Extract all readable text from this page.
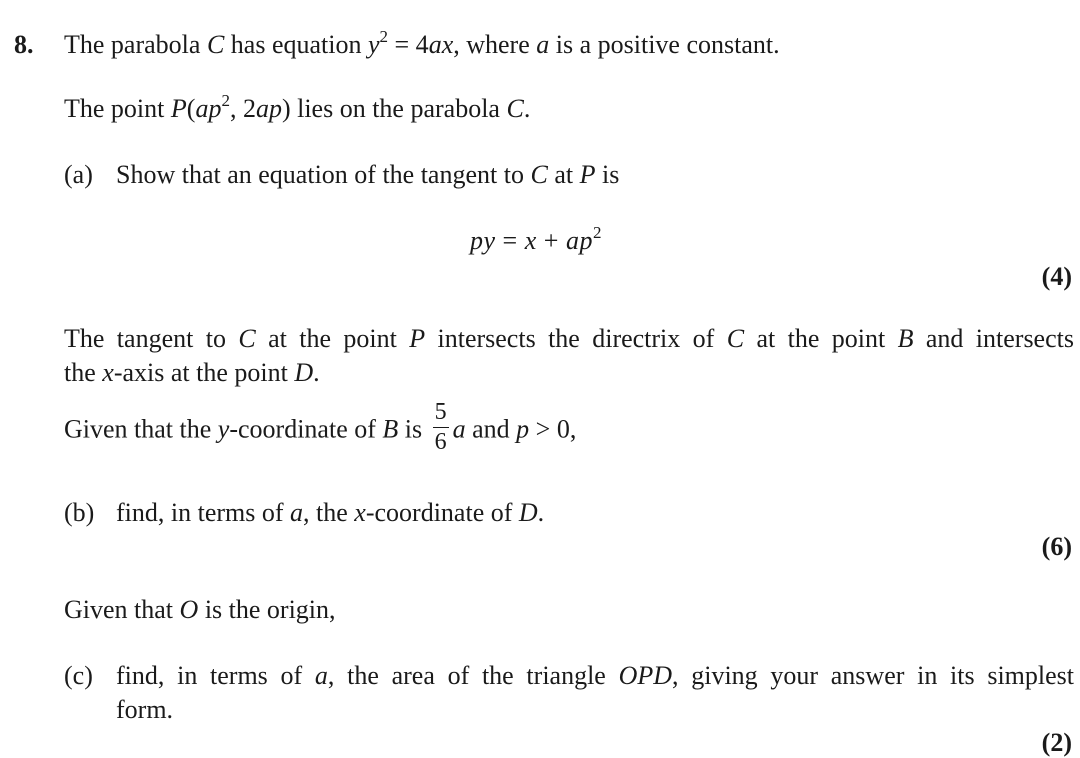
8. The parabola C has equation $y^2 = 4ax$, where a is a positive constant.
The point $P(ap^2$, 2ap) lies on the parabola C.
(a) Show that an equation of the tangent to C at P is
py = $x + ap^2$
(4)
The tangent to C at the point P intersects the directrix of C at the point B and intersects
the x-axis at the point D.
Given that the y-coordinate of B is $\frac{5}{6}$ a and p > 0,
(b) find, in terms of a, the x-coordinate of D.
(6)
Given that O is the origin,
(c) find, in terms of a, the area of the triangle OPD, giving your answer in its simplest
form.
(2)
